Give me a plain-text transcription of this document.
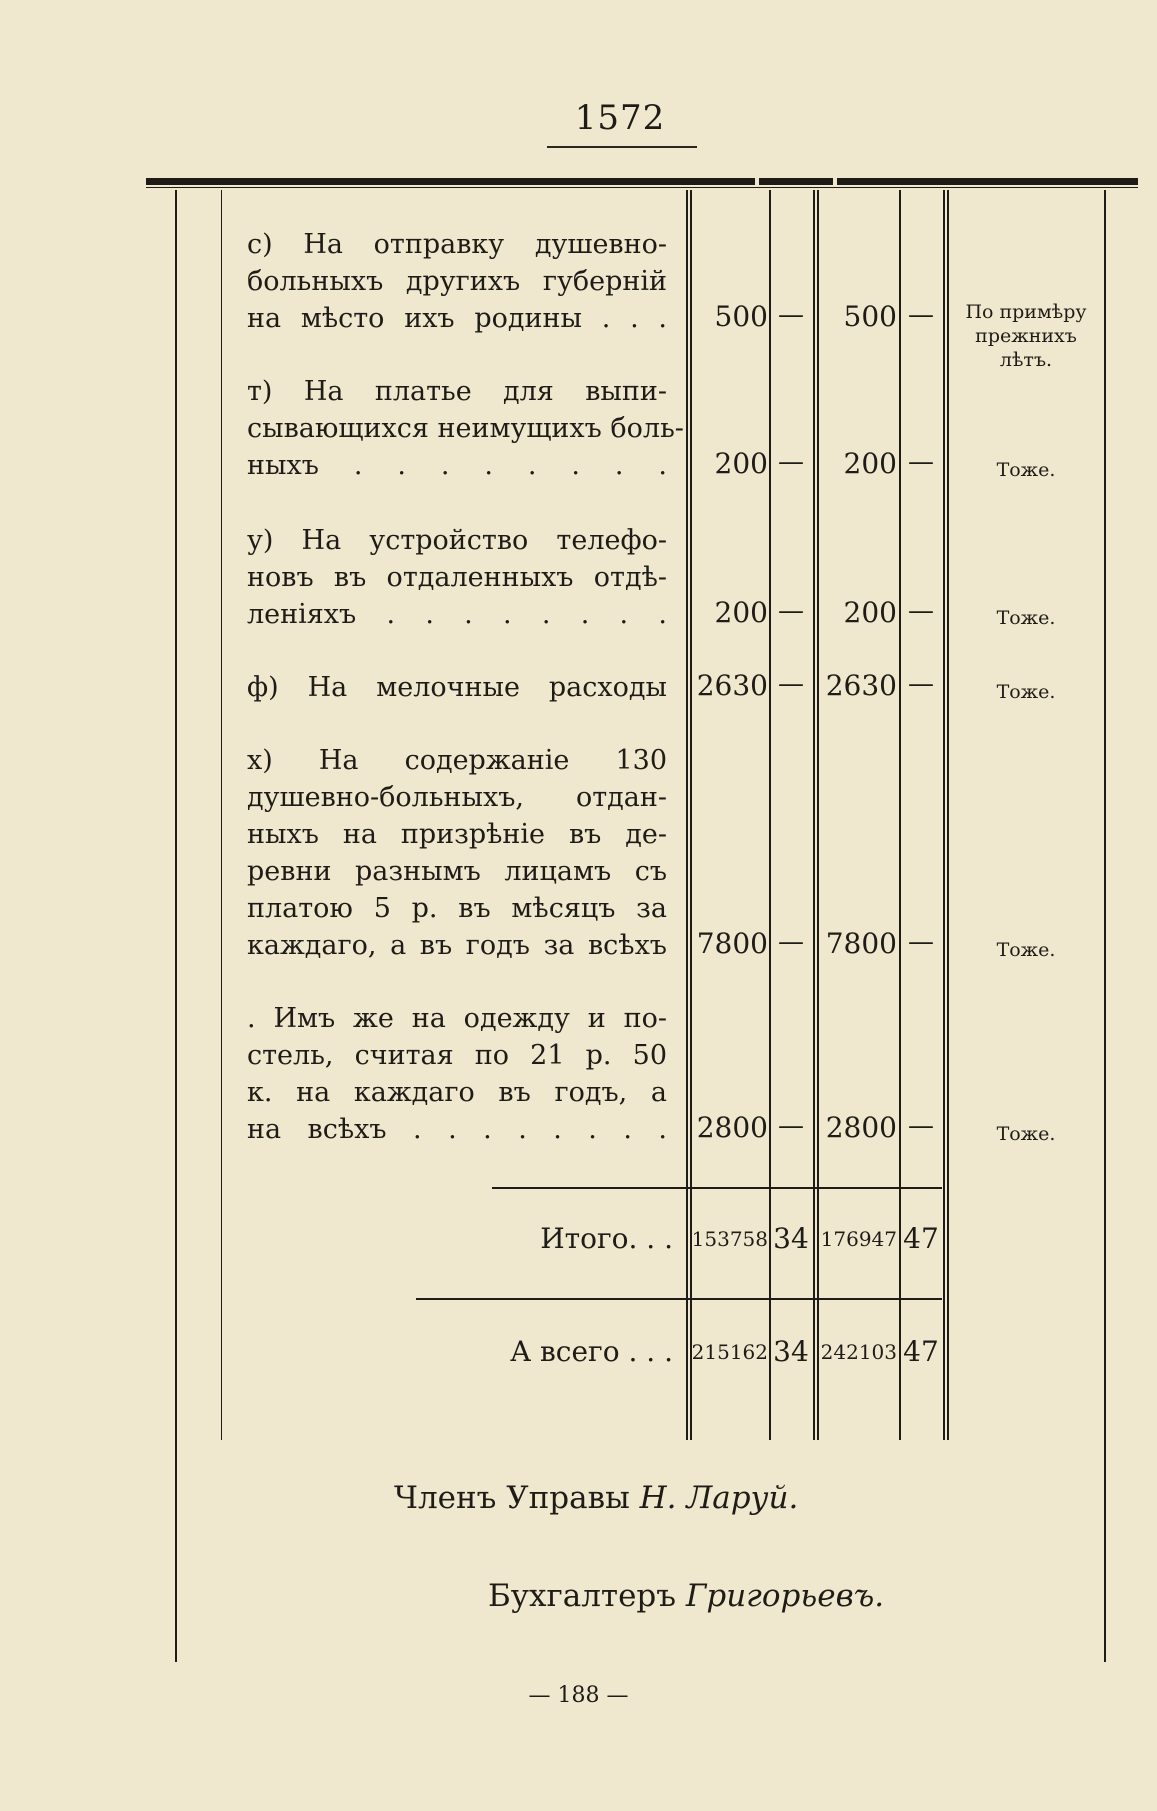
1572
с) На отправку душевно-
больныхъ другихъ губерній
на мѣсто ихъ родины . . .	500 —	500 —	По примѣру прежнихъ лѣтъ.
т) На платье для выпи-
сывающихся неимущихъ боль-
ныхъ . . . . . . . .	200 —	200 —	Тоже.
у) На устройство телефо-
новъ въ отдаленныхъ отдѣ-
леніяхъ . . . . . . . .	200 —	200 —	Тоже.
ф) На мелочные расходы 2630 — 2630 —	Тоже.
х) На содержаніе 130
душевно-больныхъ, отдан-
ныхъ на призрѣніе въ де-
ревни разнымъ лицамъ съ
платою 5 р. въ мѣсяцъ за
каждаго, а въ годъ за всѣхъ 7800 — 7800 —	Тоже.
. Имъ же на одежду и по-
стель, считая по 21 р. 50
к. на каждаго въ годъ, а
на всѣхъ . . . . . . . . 2800 — 2800 —	Тоже.
Итого. . . 153758 34 176947 47
А всего . . . 215162 34 242103 47
Членъ Управы Н. Ларуй.
Бухгалтеръ Григорьевъ.
— 188 —
